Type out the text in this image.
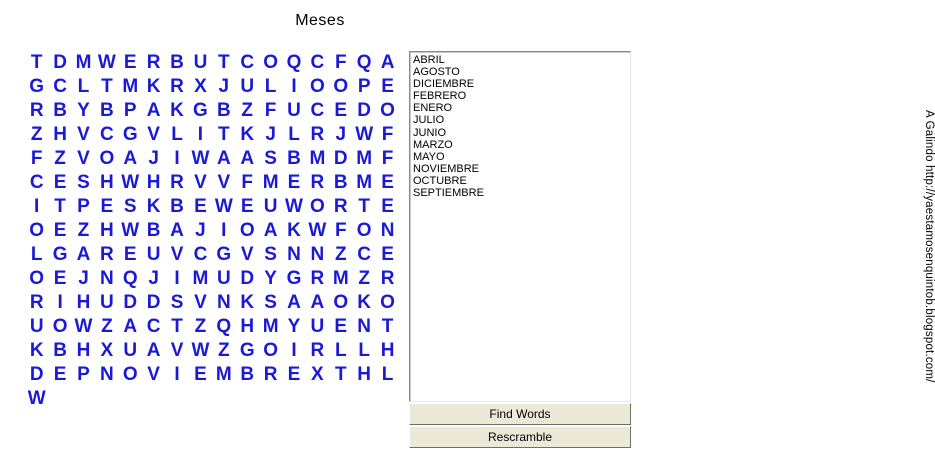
Meses
T D M W E R B U T C O Q C F Q A
G C L T M K R X J U L I O O P E
R B Y B P A K G B Z F U C E D O
Z H V C G V L I T K J L R J W F
F Z V O A J I W A A S B M D M F
C E S H W H R V V F M E R B M E
I T P E S K B E W E U W O R T E
O E Z H W B A J I O A K W F O N
L G A R E U V C G V S N N Z C E
O E J N Q J I M U D Y G R M Z R
R I H U D D S V N K S A A O K O
U O W Z A C T Z Q H M Y U E N T
K B H X U A V W Z G O I R L L H
D E P N O V I E M B R E X T H L
W
ABRIL
AGOSTO
DICIEMBRE
FEBRERO
ENERO
JULIO
JUNIO
MARZO
MAYO
NOVIEMBRE
OCTUBRE
SEPTIEMBRE	A Galindo http://yaestamosenquintob.blogspot.com/
Find Words
Rescramble
